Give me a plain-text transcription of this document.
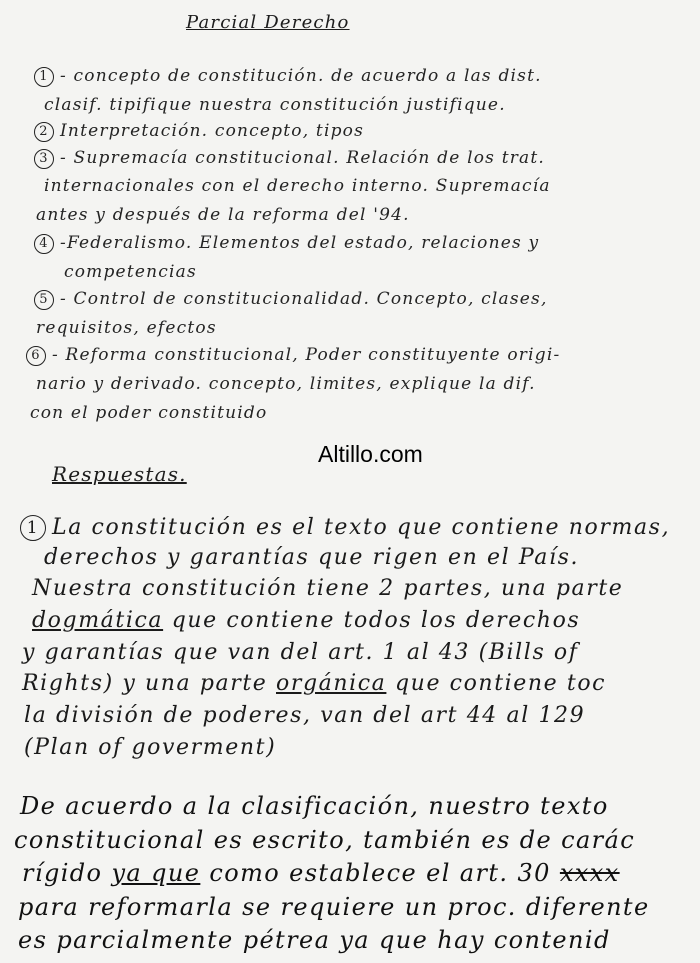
Parcial Derecho
1 - concepto de constitución. de acuerdo a las dist.
clasif. tipifique nuestra constitución justifique.
2 Interpretación. concepto, tipos
3 - Supremacía constitucional. Relación de los trat.
internacionales con el derecho interno. Supremacía
antes y después de la reforma del '94.
4 -Federalismo. Elementos del estado, relaciones y
competencias
5 - Control de constitucionalidad. Concepto, clases,
requisitos, efectos
6 - Reforma constitucional, Poder constituyente origi-
nario y derivado. concepto, limites, explique la dif.
con el poder constituido
Altillo.com
Respuestas.
1 La constitución es el texto que contiene normas,
derechos y garantías que rigen en el País.
Nuestra constitución tiene 2 partes, una parte
dogmática que contiene todos los derechos
y garantías que van del art. 1 al 43 (Bills of
Rights) y una parte orgánica que contiene toc
la división de poderes, van del art 44 al 129
(Plan of goverment)
De acuerdo a la clasificación, nuestro texto
constitucional es escrito, también es de carác
rígido ya que como establece el art. 30 xxxx
para reformarla se requiere un proc. diferente
es parcialmente pétrea ya que hay contenid
